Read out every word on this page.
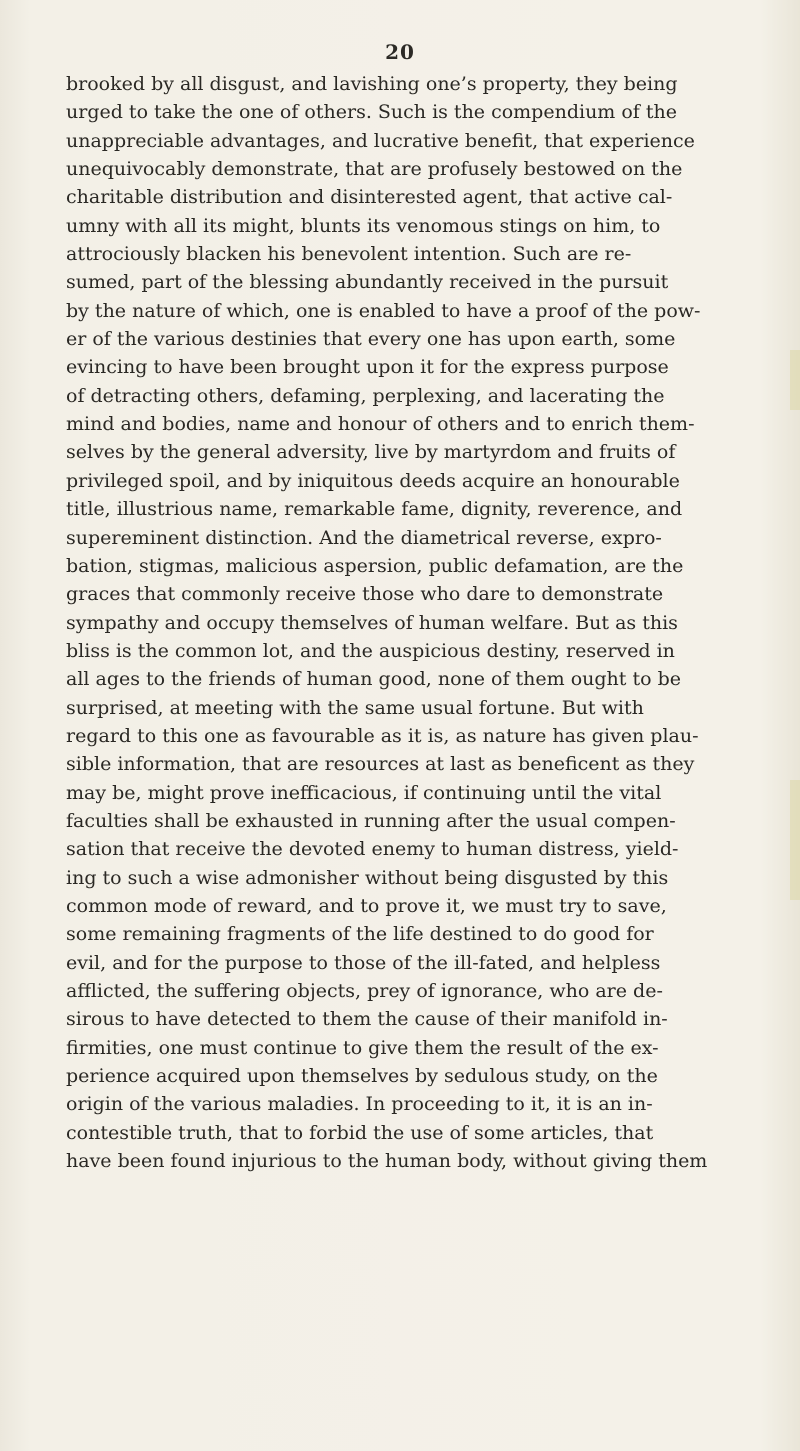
20
brooked by all disgust, and lavishing one’s property, they being
urged to take the one of others. Such is the compendium of the
unappreciable advantages, and lucrative benefit, that experience
unequivocably demonstrate, that are profusely bestowed on the
charitable distribution and disinterested agent, that active cal-
umny with all its might, blunts its venomous stings on him, to
attrociously blacken his benevolent intention. Such are re-
sumed, part of the blessing abundantly received in the pursuit
by the nature of which, one is enabled to have a proof of the pow-
er of the various destinies that every one has upon earth, some
evincing to have been brought upon it for the express purpose
of detracting others, defaming, perplexing, and lacerating the
mind and bodies, name and honour of others and to enrich them-
selves by the general adversity, live by martyrdom and fruits of
privileged spoil, and by iniquitous deeds acquire an honourable
title, illustrious name, remarkable fame, dignity, reverence, and
supereminent distinction. And the diametrical reverse, expro-
bation, stigmas, malicious aspersion, public defamation, are the
graces that commonly receive those who dare to demonstrate
sympathy and occupy themselves of human welfare. But as this
bliss is the common lot, and the auspicious destiny, reserved in
all ages to the friends of human good, none of them ought to be
surprised, at meeting with the same usual fortune. But with
regard to this one as favourable as it is, as nature has given plau-
sible information, that are resources at last as beneficent as they
may be, might prove inefficacious, if continuing until the vital
faculties shall be exhausted in running after the usual compen-
sation that receive the devoted enemy to human distress, yield-
ing to such a wise admonisher without being disgusted by this
common mode of reward, and to prove it, we must try to save,
some remaining fragments of the life destined to do good for
evil, and for the purpose to those of the ill-fated, and helpless
afflicted, the suffering objects, prey of ignorance, who are de-
sirous to have detected to them the cause of their manifold in-
firmities, one must continue to give them the result of the ex-
perience acquired upon themselves by sedulous study, on the
origin of the various maladies. In proceeding to it, it is an in-
contestible truth, that to forbid the use of some articles, that
have been found injurious to the human body, without giving them
